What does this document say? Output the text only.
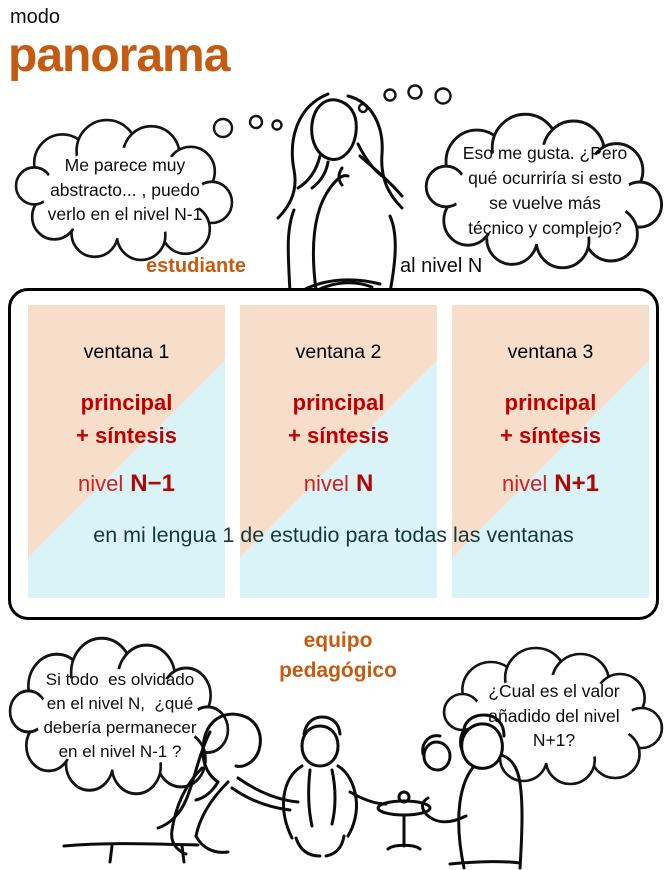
modo
panorama
Me parece muy
abstracto... , puedo
verlo en el nivel N-1
Eso me gusta. ¿Pero
qué ocurriría si esto
se vuelve más
técnico y complejo?
estudiante	al nivel N
ventana 1
principal
+ síntesis
nivel N−1
ventana 2
principal
+ síntesis
nivel N
ventana 3
principal
+ síntesis
nivel N+1
en mi lengua 1 de estudio para todas las ventanas
equipo
pedagógico
Si todo  es olvidado
en el nivel N,  ¿qué
debería permanecer
en el nivel N-1 ?
¿Cual es el valor
añadido del nivel
N+1?
